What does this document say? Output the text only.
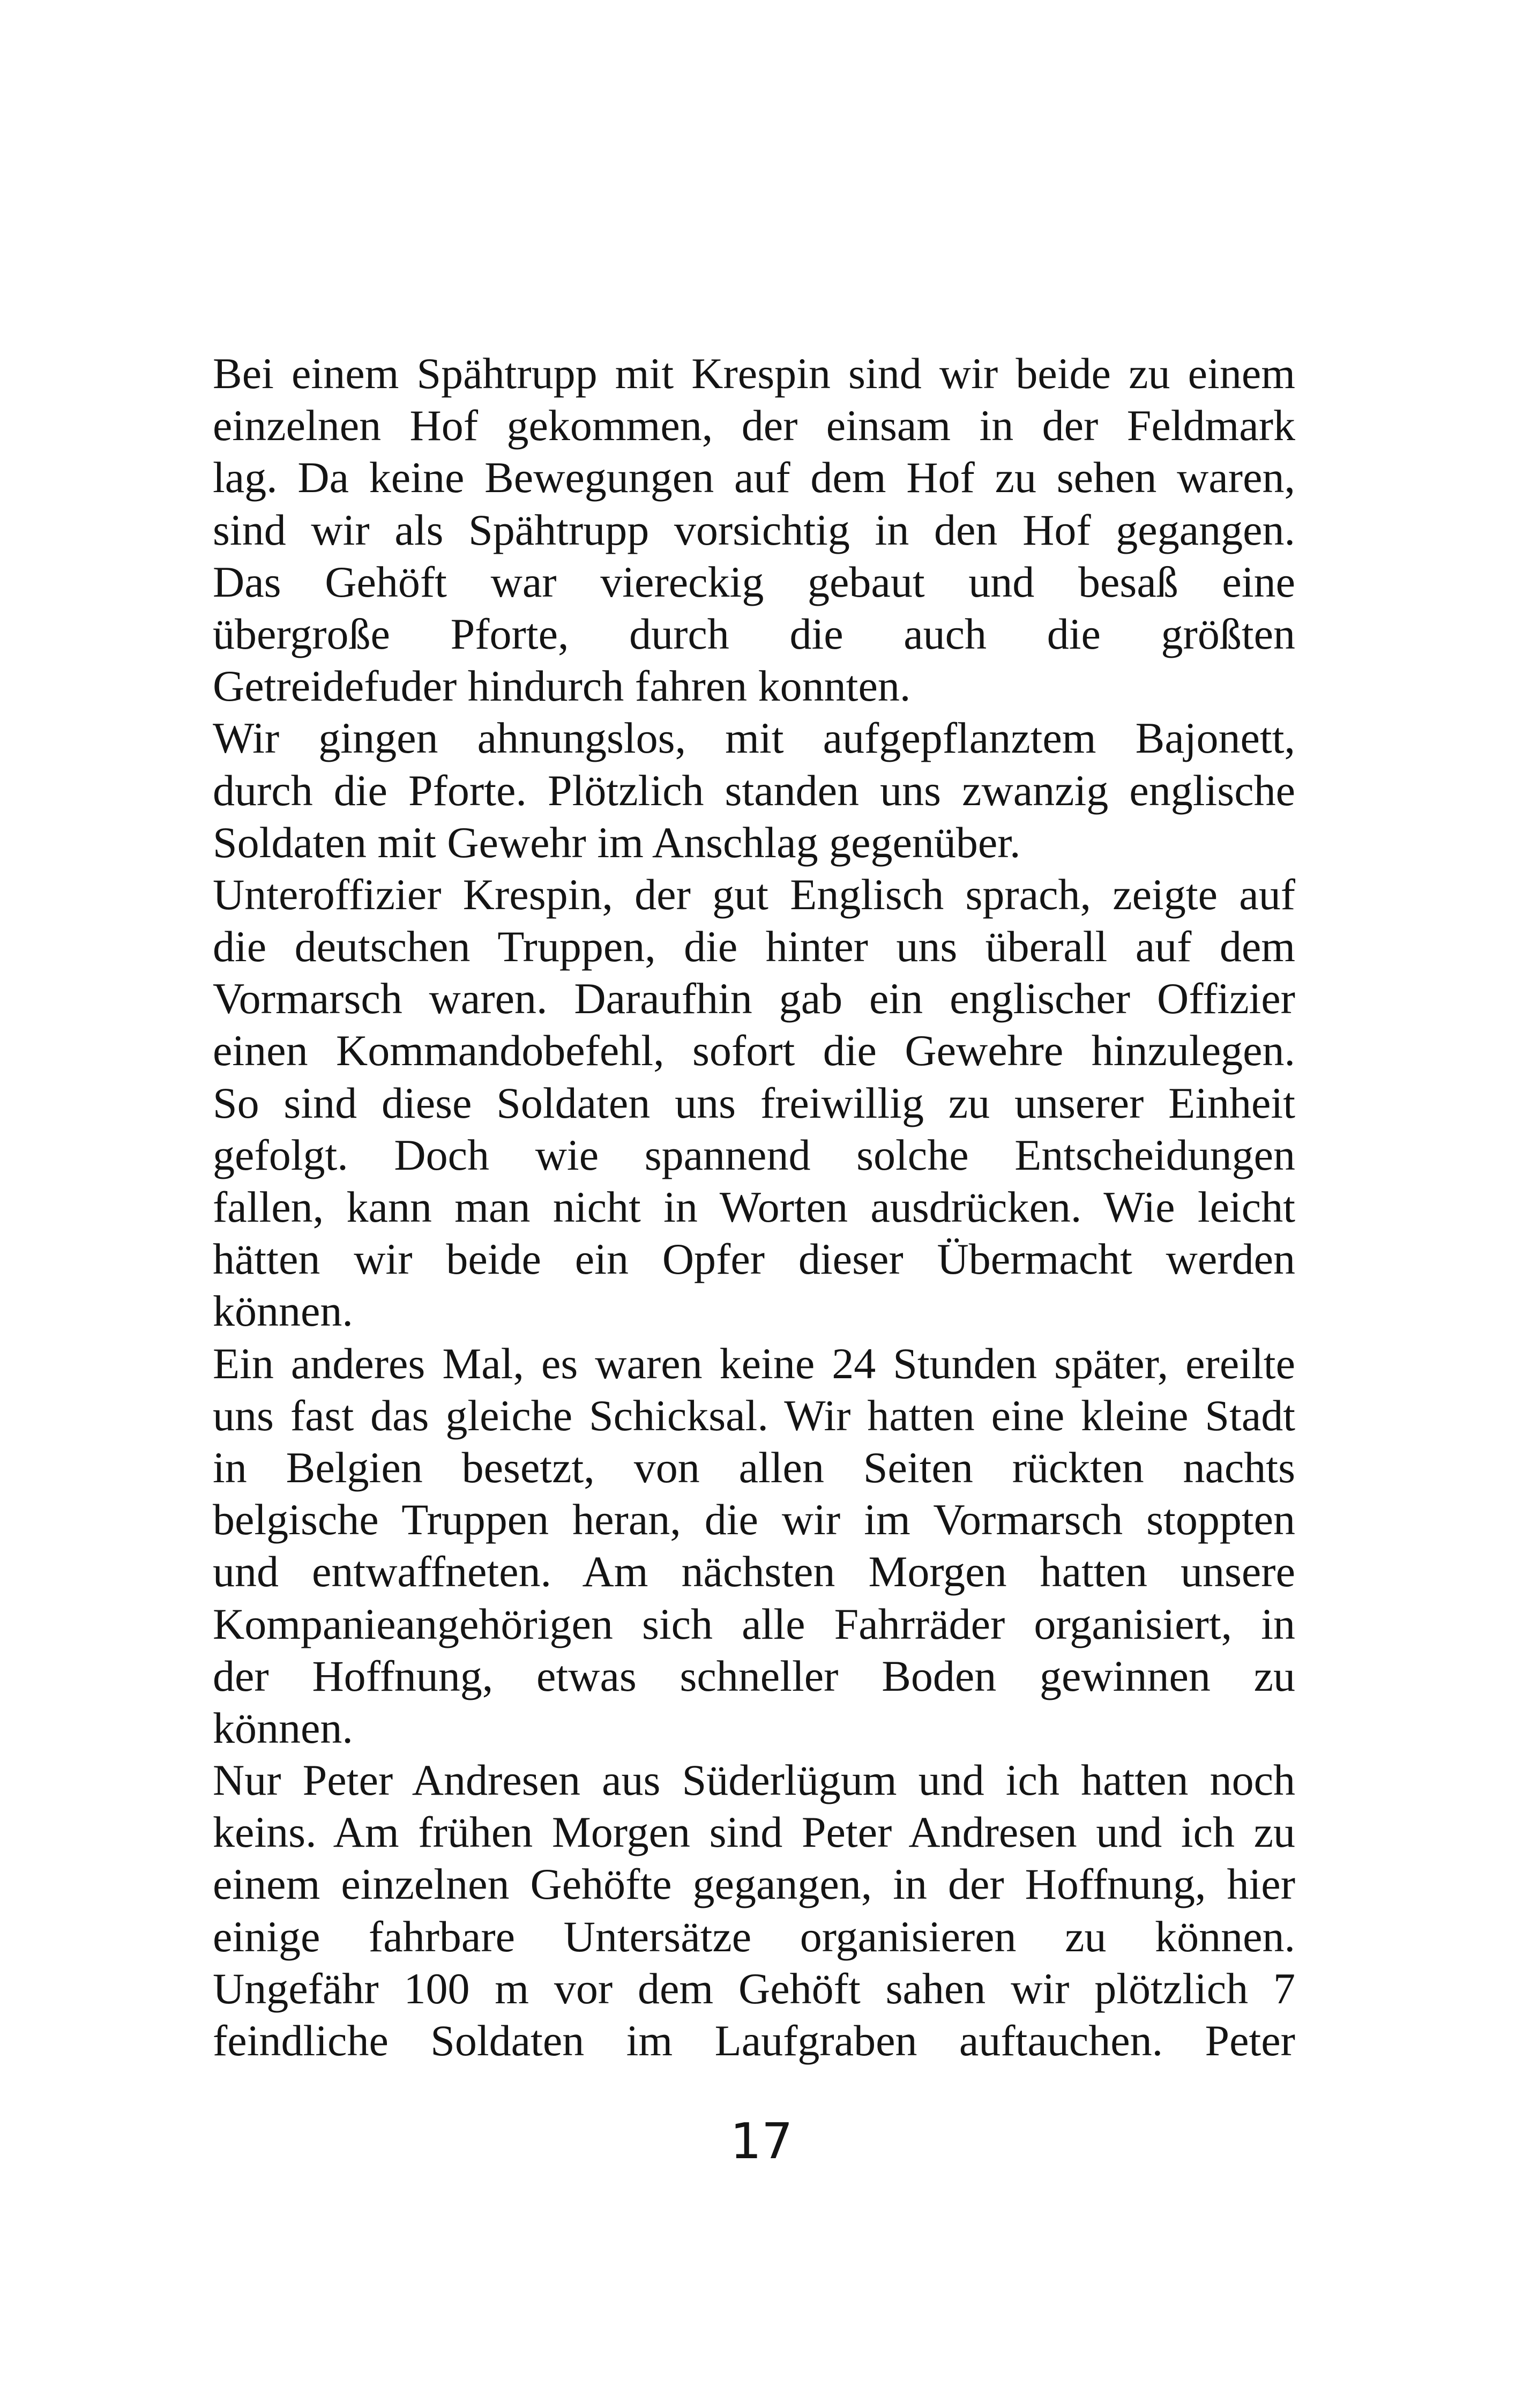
Bei einem Spähtrupp mit Krespin sind wir beide zu einem
einzelnen Hof gekommen, der einsam in der Feldmark
lag. Da keine Bewegungen auf dem Hof zu sehen waren,
sind wir als Spähtrupp vorsichtig in den Hof gegangen.
Das Gehöft war viereckig gebaut und besaß eine
übergroße Pforte, durch die auch die größten
Getreidefuder hindurch fahren konnten.
Wir gingen ahnungslos, mit aufgepflanztem Bajonett,
durch die Pforte. Plötzlich standen uns zwanzig englische
Soldaten mit Gewehr im Anschlag gegenüber.
Unteroffizier Krespin, der gut Englisch sprach, zeigte auf
die deutschen Truppen, die hinter uns überall auf dem
Vormarsch waren. Daraufhin gab ein englischer Offizier
einen Kommandobefehl, sofort die Gewehre hinzulegen.
So sind diese Soldaten uns freiwillig zu unserer Einheit
gefolgt. Doch wie spannend solche Entscheidungen
fallen, kann man nicht in Worten ausdrücken. Wie leicht
hätten wir beide ein Opfer dieser Übermacht werden
können.
Ein anderes Mal, es waren keine 24 Stunden später, ereilte
uns fast das gleiche Schicksal. Wir hatten eine kleine Stadt
in Belgien besetzt, von allen Seiten rückten nachts
belgische Truppen heran, die wir im Vormarsch stoppten
und entwaffneten. Am nächsten Morgen hatten unsere
Kompanieangehörigen sich alle Fahrräder organisiert, in
der Hoffnung, etwas schneller Boden gewinnen zu
können.
Nur Peter Andresen aus Süderlügum und ich hatten noch
keins. Am frühen Morgen sind Peter Andresen und ich zu
einem einzelnen Gehöfte gegangen, in der Hoffnung, hier
einige fahrbare Untersätze organisieren zu können.
Ungefähr 100 m vor dem Gehöft sahen wir plötzlich 7
feindliche Soldaten im Laufgraben auftauchen. Peter
17
